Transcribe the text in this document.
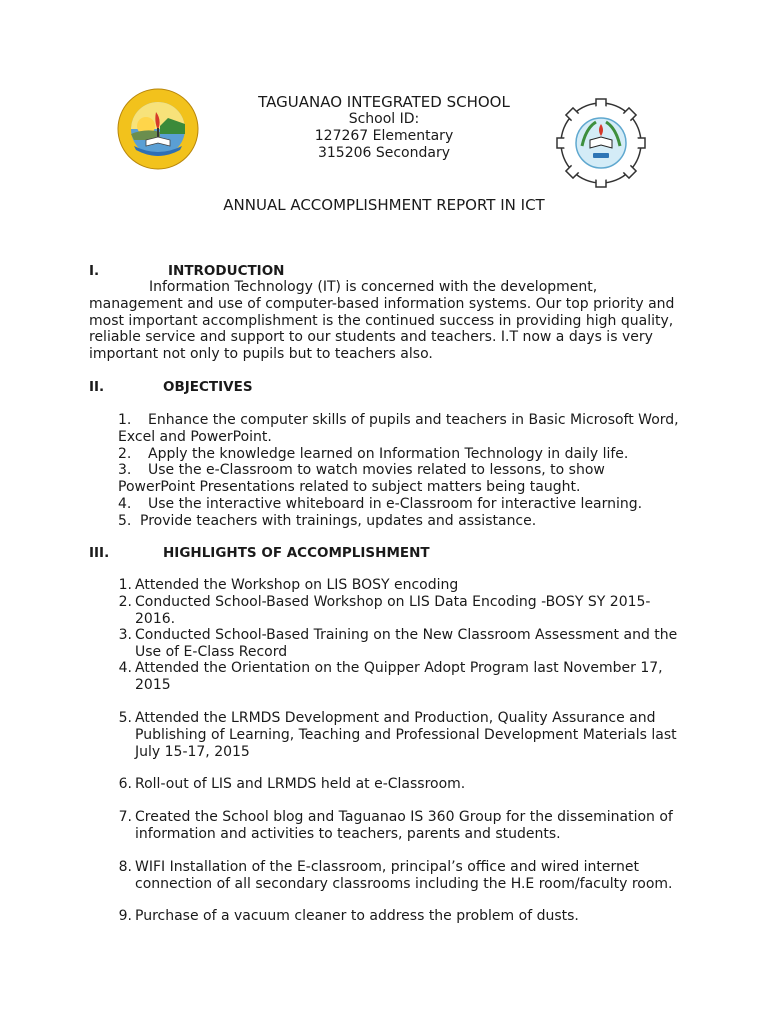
TAGUANAO INTEGRATED SCHOOL
School ID:
127267 Elementary
315206 Secondary
ANNUAL ACCOMPLISHMENT REPORT IN ICT
I.	INTRODUCTION
Information Technology (IT) is concerned with the development,
management and use of computer-based information systems. Our top priority and
most important accomplishment is the continued success in providing high quality,
reliable service and support to our students and teachers. I.T now a days is very
important not only to pupils but to teachers also.
II.	OBJECTIVES
1. Enhance the computer skills of pupils and teachers in Basic Microsoft Word,
Excel and PowerPoint.
2. Apply the knowledge learned on Information Technology in daily life.
3. Use the e-Classroom to watch movies related to lessons, to show
PowerPoint Presentations related to subject matters being taught.
4. Use the interactive whiteboard in e-Classroom for interactive learning.
5. Provide teachers with trainings, updates and assistance.
III.	HIGHLIGHTS OF ACCOMPLISHMENT
1. Attended the Workshop on LIS BOSY encoding
2. Conducted School-Based Workshop on LIS Data Encoding -BOSY SY 2015-
2016.
3. Conducted School-Based Training on the New Classroom Assessment and the
Use of E-Class Record
4. Attended the Orientation on the Quipper Adopt Program last November 17,
2015
5. Attended the LRMDS Development and Production, Quality Assurance and
Publishing of Learning, Teaching and Professional Development Materials last
July 15-17, 2015
6. Roll-out of LIS and LRMDS held at e-Classroom.
7. Created the School blog and Taguanao IS 360 Group for the dissemination of
information and activities to teachers, parents and students.
8. WIFI Installation of the E-classroom, principal’s office and wired internet
connection of all secondary classrooms including the H.E room/faculty room.
9. Purchase of a vacuum cleaner to address the problem of dusts.
